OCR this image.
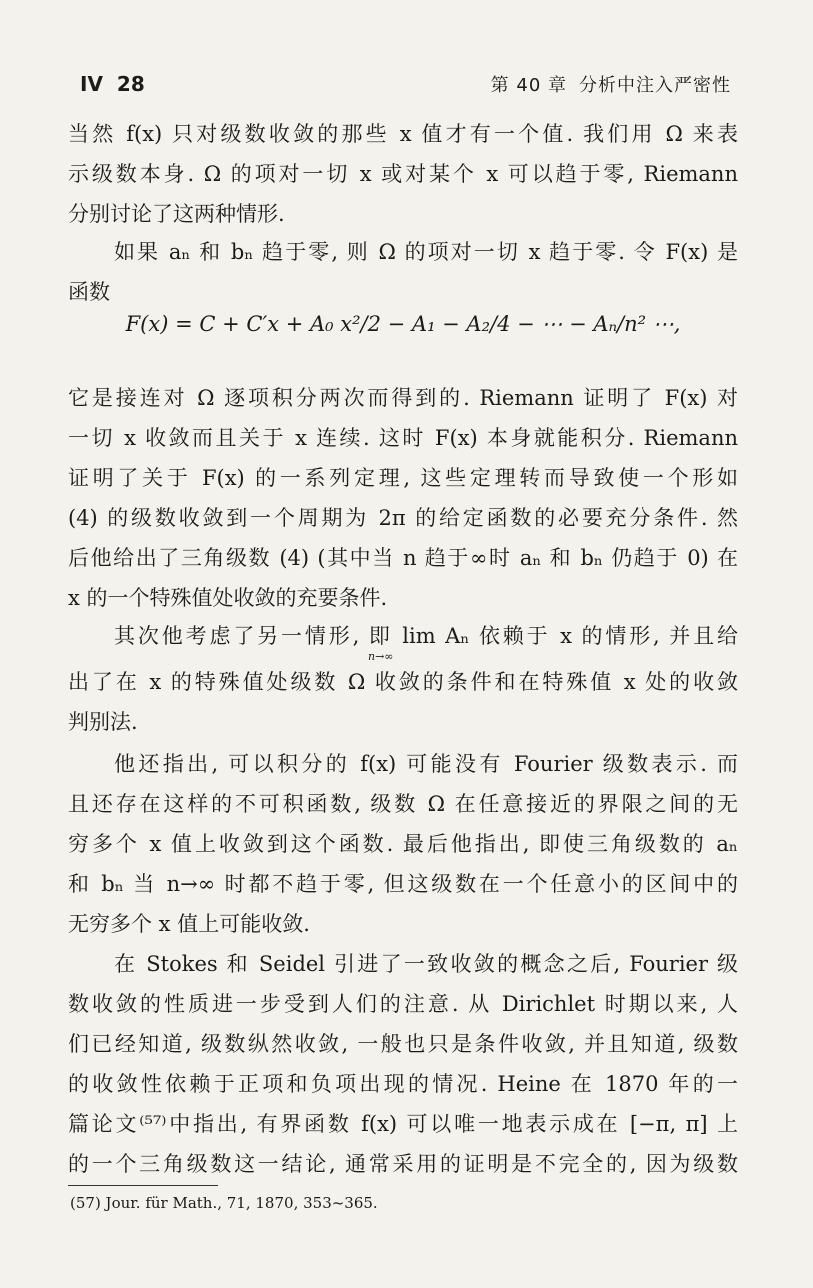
IV 28	第 40 章 分析中注入严密性
当然 f(x) 只对级数收敛的那些 x 值才有一个值. 我们用 Ω 来表
示级数本身. Ω 的项对一切 x 或对某个 x 可以趋于零, Riemann
分别讨论了这两种情形.
如果 aₙ 和 bₙ 趋于零, 则 Ω 的项对一切 x 趋于零. 令 F(x) 是
函数
F(x) = C + C′x + A₀ x²/2 − A₁ − A₂/4 − ⋯ − Aₙ/n² ⋯,
它是接连对 Ω 逐项积分两次而得到的. Riemann 证明了 F(x) 对
一切 x 收敛而且关于 x 连续. 这时 F(x) 本身就能积分. Riemann
证明了关于 F(x) 的一系列定理, 这些定理转而导致使一个形如
(4) 的级数收敛到一个周期为 2π 的给定函数的必要充分条件. 然
后他给出了三角级数 (4) (其中当 n 趋于∞时 aₙ 和 bₙ 仍趋于 0) 在
x 的一个特殊值处收敛的充要条件.
其次他考虑了另一情形, 即 lim Aₙ 依赖于 x 的情形, 并且给
n→∞
出了在 x 的特殊值处级数 Ω 收敛的条件和在特殊值 x 处的收敛
判别法.
他还指出, 可以积分的 f(x) 可能没有 Fourier 级数表示. 而
且还存在这样的不可积函数, 级数 Ω 在任意接近的界限之间的无
穷多个 x 值上收敛到这个函数. 最后他指出, 即使三角级数的 aₙ
和 bₙ 当 n→∞ 时都不趋于零, 但这级数在一个任意小的区间中的
无穷多个 x 值上可能收敛.
在 Stokes 和 Seidel 引进了一致收敛的概念之后, Fourier 级
数收敛的性质进一步受到人们的注意. 从 Dirichlet 时期以来, 人
们已经知道, 级数纵然收敛, 一般也只是条件收敛, 并且知道, 级数
的收敛性依赖于正项和负项出现的情况. Heine 在 1870 年的一
篇论文⁽⁵⁷⁾中指出, 有界函数 f(x) 可以唯一地表示成在 [−π, π] 上
的一个三角级数这一结论, 通常采用的证明是不完全的, 因为级数
(57) Jour. für Math., 71, 1870, 353~365.
